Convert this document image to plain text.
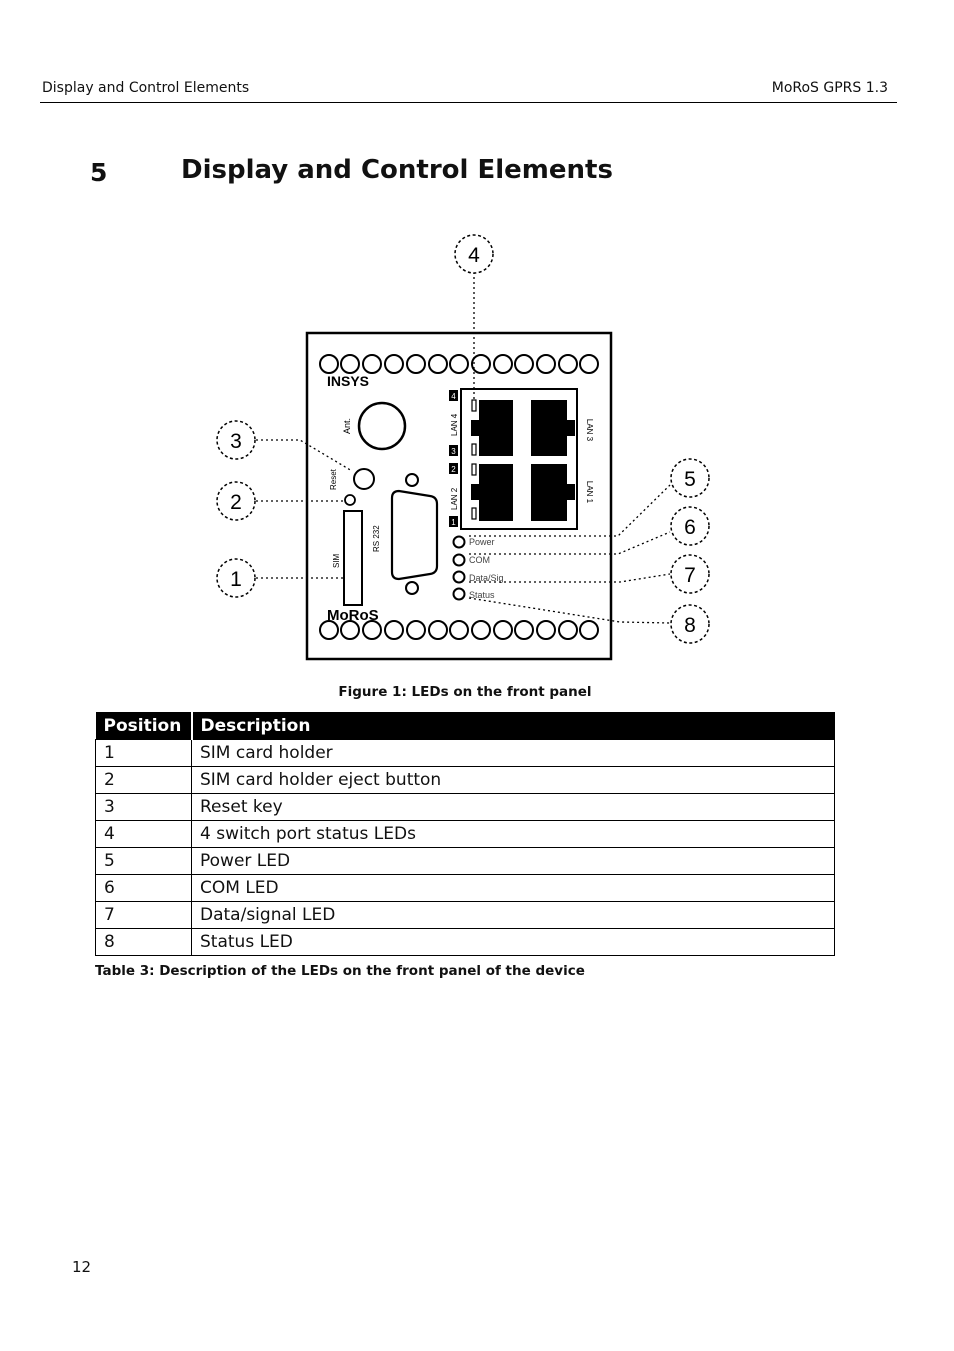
Display and Control Elements	MoRoS GPRS 1.3
5	Display and Control Elements
INSYS
MoRoS
Ant.
Reset
SIM
RS 232
LAN 4	LAN 3
LAN 2	LAN 1
4
3
2
1
Power
COM
Data/Sig
Status
4
3
2
1
5
6
7
8
Figure 1: LEDs on the front panel
Position	Description
1	SIM card holder
2	SIM card holder eject button
3	Reset key
4	4 switch port status LEDs
5	Power LED
6	COM LED
7	Data/signal LED
8	Status LED
Table 3: Description of the LEDs on the front panel of the device
12
